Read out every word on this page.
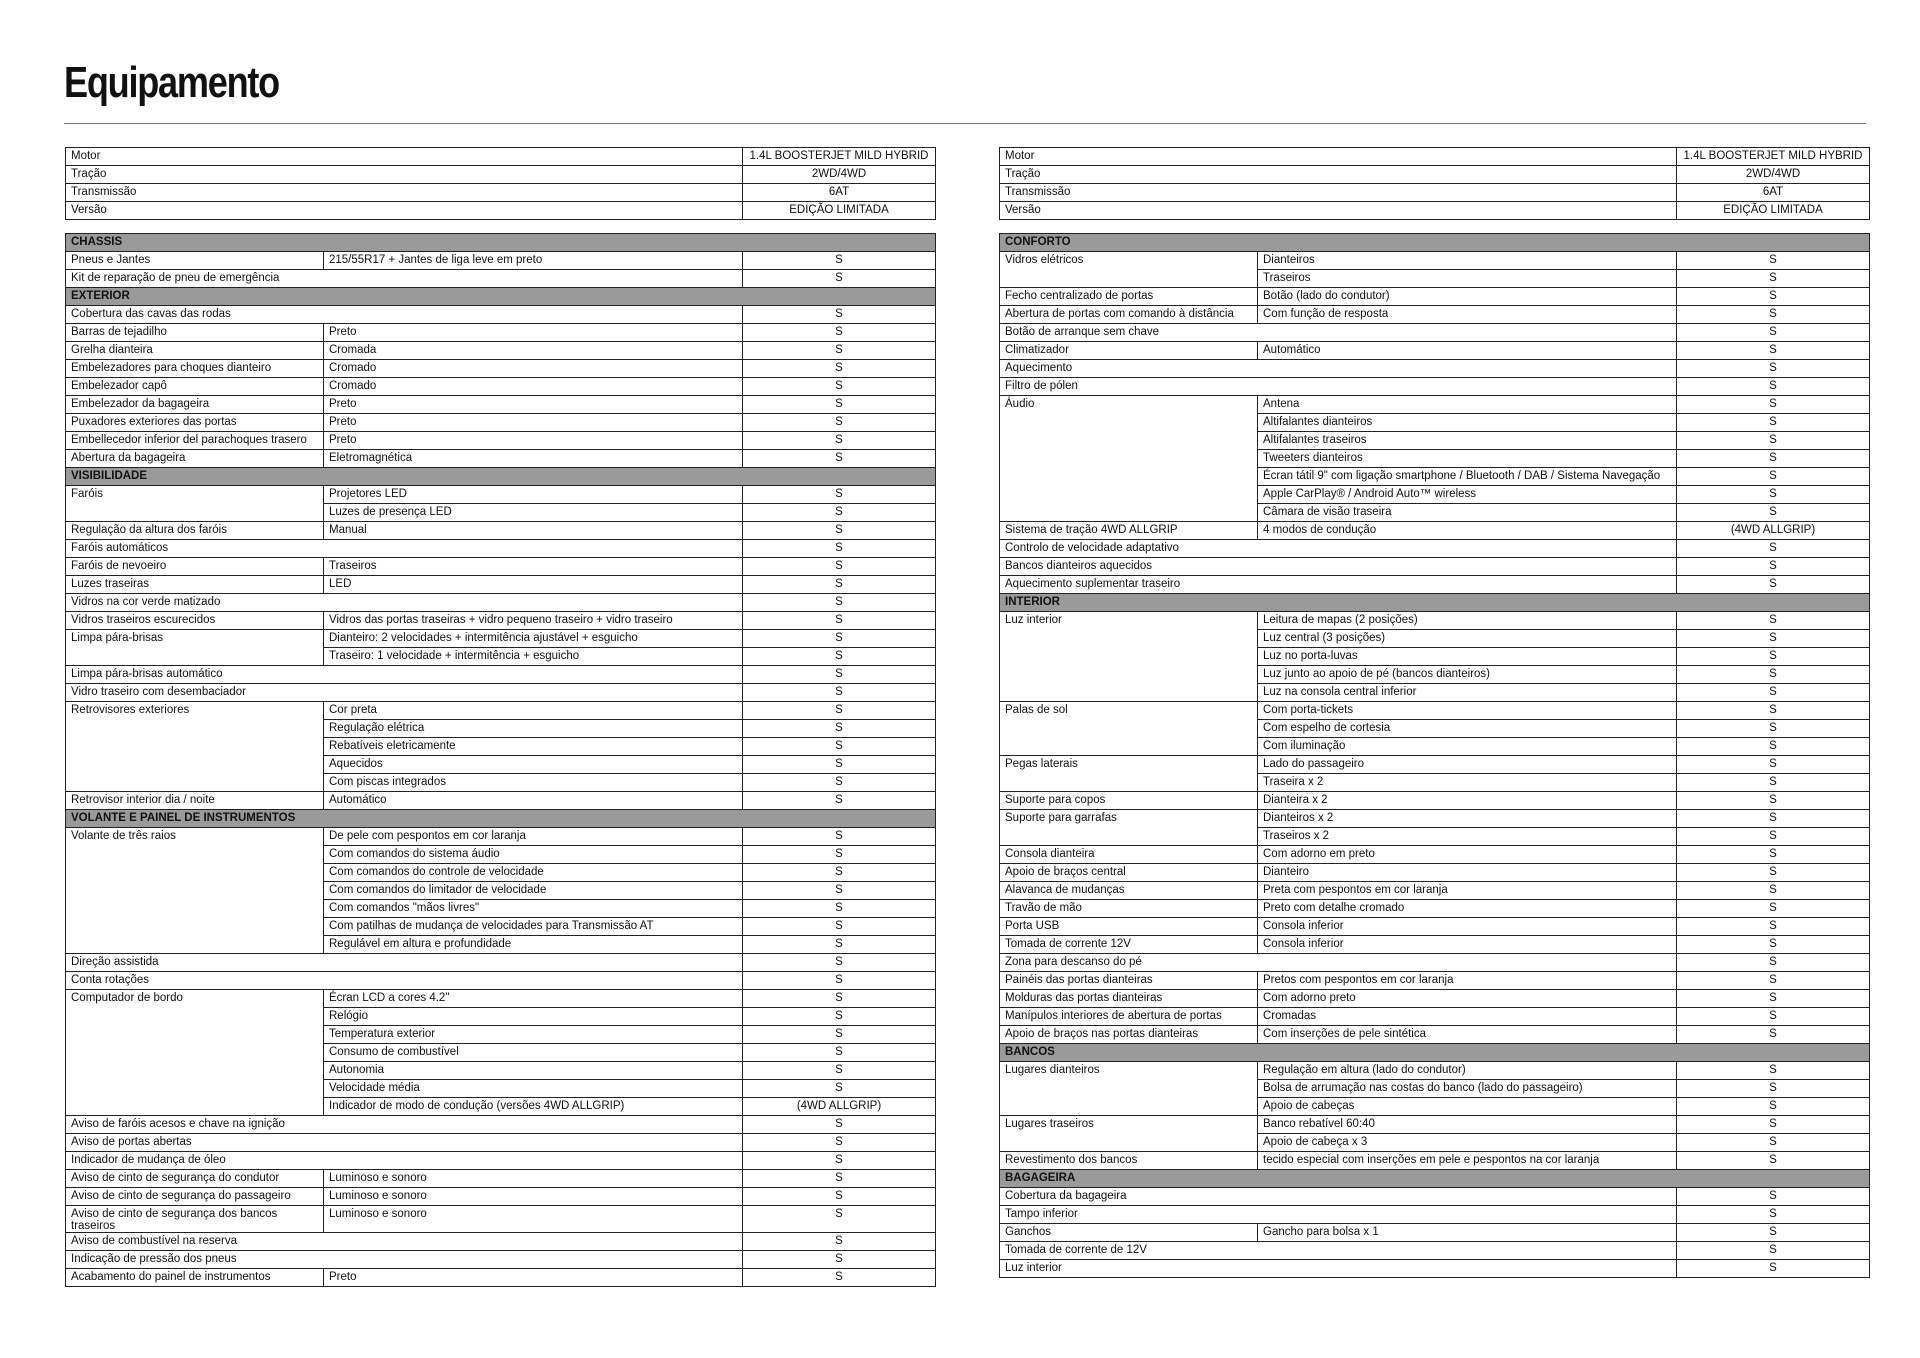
Equipamento
Motor	1.4L BOOSTERJET MILD HYBRID
Tração	2WD/4WD
Transmissão	6AT
Versão	EDIÇÃO LIMITADA
CHASSIS		
Pneus e Jantes	215/55R17 + Jantes de liga leve em preto	S
Kit de reparação de pneu de emergência		S
EXTERIOR		
Cobertura das cavas das rodas		S
Barras de tejadilho	Preto	S
Grelha dianteira	Cromada	S
Embelezadores para choques dianteiro	Cromado	S
Embelezador capô	Cromado	S
Embelezador da bagageira	Preto	S
Puxadores exteriores das portas	Preto	S
Embellecedor inferior del parachoques trasero	Preto	S
Abertura da bagageira	Eletromagnética	S
VISIBILIDADE		
Faróis	Projetores LED	S
	Luzes de presença LED	S
Regulação da altura dos faróis	Manual	S
Faróis automáticos		S
Faróis de nevoeiro	Traseiros	S
Luzes traseiras	LED	S
Vidros na cor verde matizado		S
Vidros traseiros escurecidos	Vidros das portas traseiras + vidro pequeno traseiro + vidro traseiro	S
Limpa pára-brisas	Dianteiro: 2 velocidades + intermitência ajustável + esguicho	S
	Traseiro: 1 velocidade + intermitência + esguicho	S
Limpa pára-brisas automático		S
Vidro traseiro com desembaciador		S
Retrovisores exteriores	Cor preta	S
	Regulação elétrica	S
	Rebatíveis eletricamente	S
	Aquecidos	S
	Com piscas integrados	S
Retrovisor interior dia / noite	Automático	S
VOLANTE E PAINEL DE INSTRUMENTOS		
Volante de três raios	De pele com pespontos em cor laranja	S
	Com comandos do sistema áudio	S
	Com comandos do controle de velocidade	S
	Com comandos do limitador de velocidade	S
	Com comandos "mãos livres"	S
	Com patilhas de mudança de velocidades para Transmissão AT	S
	Regulável em altura e profundidade	S
Direção assistida		S
Conta rotações		S
Computador de bordo	Écran LCD a cores 4.2"	S
	Relógio	S
	Temperatura exterior	S
	Consumo de combustível	S
	Autonomia	S
	Velocidade média	S
	Indicador de modo de condução (versões 4WD ALLGRIP)	(4WD ALLGRIP)
Aviso de faróis acesos e chave na ignição		S
Aviso de portas abertas		S
Indicador de mudança de óleo		S
Aviso de cinto de segurança do condutor	Luminoso e sonoro	S
Aviso de cinto de segurança do passageiro	Luminoso e sonoro	S
Aviso de cinto de segurança dos bancos traseiros	Luminoso e sonoro	S
Aviso de combustível na reserva		S
Indicação de pressão dos pneus		S
Acabamento do painel de instrumentos	Preto	S
Motor	1.4L BOOSTERJET MILD HYBRID
Tração	2WD/4WD
Transmissão	6AT
Versão	EDIÇÃO LIMITADA
CONFORTO		
Vidros elétricos	Dianteiros	S
	Traseiros	S
Fecho centralizado de portas	Botão (lado do condutor)	S
Abertura de portas com comando à distância	Com função de resposta	S
Botão de arranque sem chave		S
Climatizador	Automático	S
Aquecimento		S
Filtro de pólen		S
Áudio	Antena	S
	Altifalantes dianteiros	S
	Altifalantes traseiros	S
	Tweeters dianteiros	S
	Écran tátil 9" com ligação smartphone / Bluetooth / DAB / Sistema Navegação	S
	Apple CarPlay® / Android Auto™ wireless	S
	Câmara de visão traseira	S
Sistema de tração 4WD ALLGRIP	4 modos de condução	(4WD ALLGRIP)
Controlo de velocidade adaptativo		S
Bancos dianteiros aquecidos		S
Aquecimento suplementar traseiro		S
INTERIOR		
Luz interior	Leitura de mapas (2 posições)	S
	Luz central (3 posições)	S
	Luz no porta-luvas	S
	Luz junto ao apoio de pé (bancos dianteiros)	S
	Luz na consola central inferior	S
Palas de sol	Com porta-tickets	S
	Com espelho de cortesia	S
	Com iluminação	S
Pegas laterais	Lado do passageiro	S
	Traseira x 2	S
Suporte para copos	Dianteira x 2	S
Suporte para garrafas	Dianteiros x 2	S
	Traseiros x 2	S
Consola dianteira	Com adorno em preto	S
Apoio de braços central	Dianteiro	S
Alavanca de mudanças	Preta com pespontos em cor laranja	S
Travão de mão	Preto com detalhe cromado	S
Porta USB	Consola inferior	S
Tomada de corrente 12V	Consola inferior	S
Zona para descanso do pé		S
Painéis das portas dianteiras	Pretos com pespontos em cor laranja	S
Molduras das portas dianteiras	Com adorno preto	S
Manípulos interiores de abertura de portas	Cromadas	S
Apoio de braços nas portas dianteiras	Com inserções de pele sintética	S
BANCOS		
Lugares dianteiros	Regulação em altura (lado do condutor)	S
	Bolsa de arrumação nas costas do banco (lado do passageiro)	S
	Apoio de cabeças	S
Lugares traseiros	Banco rebatível 60:40	S
	Apoio de cabeça x 3	S
Revestimento dos bancos	tecido especial com inserções em pele e pespontos na cor laranja	S
BAGAGEIRA		
Cobertura da bagageira		S
Tampo inferior		S
Ganchos	Gancho para bolsa x 1	S
Tomada de corrente de 12V		S
Luz interior		S
